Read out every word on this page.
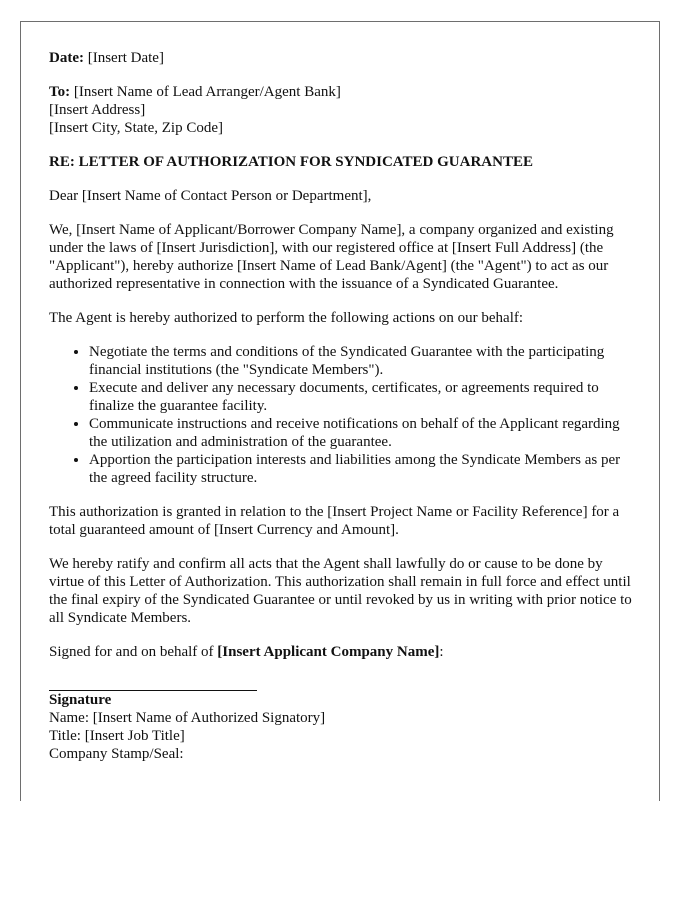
Date: [Insert Date]

To: [Insert Name of Lead Arranger/Agent Bank]
[Insert Address]
[Insert City, State, Zip Code]

RE: LETTER OF AUTHORIZATION FOR SYNDICATED GUARANTEE

Dear [Insert Name of Contact Person or Department],

We, [Insert Name of Applicant/Borrower Company Name], a company organized and existing under the laws of [Insert Jurisdiction], with our registered office at [Insert Full Address] (the "Applicant"), hereby authorize [Insert Name of Lead Bank/Agent] (the "Agent") to act as our authorized representative in connection with the issuance of a Syndicated Guarantee.

The Agent is hereby authorized to perform the following actions on our behalf:

• Negotiate the terms and conditions of the Syndicated Guarantee with the participating financial institutions (the "Syndicate Members").
• Execute and deliver any necessary documents, certificates, or agreements required to finalize the guarantee facility.
• Communicate instructions and receive notifications on behalf of the Applicant regarding the utilization and administration of the guarantee.
• Apportion the participation interests and liabilities among the Syndicate Members as per the agreed facility structure.

This authorization is granted in relation to the [Insert Project Name or Facility Reference] for a total guaranteed amount of [Insert Currency and Amount].

We hereby ratify and confirm all acts that the Agent shall lawfully do or cause to be done by virtue of this Letter of Authorization. This authorization shall remain in full force and effect until the final expiry of the Syndicated Guarantee or until revoked by us in writing with prior notice to all Syndicate Members.

Signed for and on behalf of [Insert Applicant Company Name]:

Signature

Name: [Insert Name of Authorized Signatory]

Title: [Insert Job Title]

Company Stamp/Seal:
